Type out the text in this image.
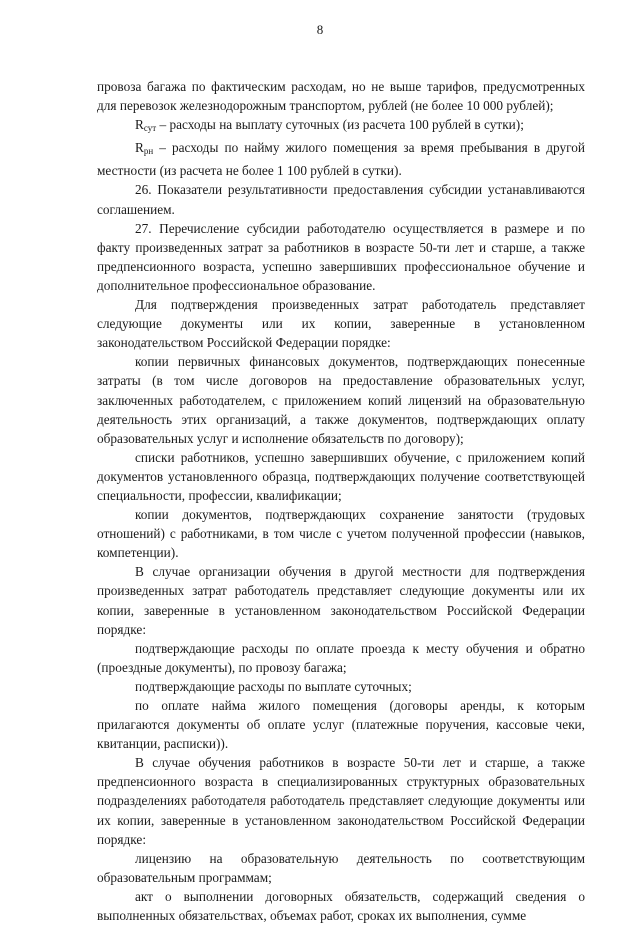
8

провоза багажа по фактическим расходам, но не выше тарифов, предусмотренных для перевозок железнодорожным транспортом, рублей (не более 10 000 рублей);

$R_{сут}$ – расходы на выплату суточных (из расчета 100 рублей в сутки);

$R_{рн}$ – расходы по найму жилого помещения за время пребывания в другой местности (из расчета не более 1 100 рублей в сутки).

26. Показатели результативности предоставления субсидии устанавливаются соглашением.

27. Перечисление субсидии работодателю осуществляется в размере и по факту произведенных затрат за работников в возрасте 50-ти лет и старше, а также предпенсионного возраста, успешно завершивших профессиональное обучение и дополнительное профессиональное образование.

Для подтверждения произведенных затрат работодатель представляет следующие документы или их копии, заверенные в установленном законодательством Российской Федерации порядке:

копии первичных финансовых документов, подтверждающих понесенные затраты (в том числе договоров на предоставление образовательных услуг, заключенных работодателем, с приложением копий лицензий на образовательную деятельность этих организаций, а также документов, подтверждающих оплату образовательных услуг и исполнение обязательств по договору);

списки работников, успешно завершивших обучение, с приложением копий документов установленного образца, подтверждающих получение соответствующей специальности, профессии, квалификации;

копии документов, подтверждающих сохранение занятости (трудовых отношений) с работниками, в том числе с учетом полученной профессии (навыков, компетенции).

В случае организации обучения в другой местности для подтверждения произведенных затрат работодатель представляет следующие документы или их копии, заверенные в установленном законодательством Российской Федерации порядке:

подтверждающие расходы по оплате проезда к месту обучения и обратно (проездные документы), по провозу багажа;

подтверждающие расходы по выплате суточных;

по оплате найма жилого помещения (договоры аренды, к которым прилагаются документы об оплате услуг (платежные поручения, кассовые чеки, квитанции, расписки)).

В случае обучения работников в возрасте 50-ти лет и старше, а также предпенсионного возраста в специализированных структурных образовательных подразделениях работодателя работодатель представляет следующие документы или их копии, заверенные в установленном законодательством Российской Федерации порядке:

лицензию на образовательную деятельность по соответствующим образовательным программам;

акт о выполнении договорных обязательств, содержащий сведения о выполненных обязательствах, объемах работ, сроках их выполнения, сумме
